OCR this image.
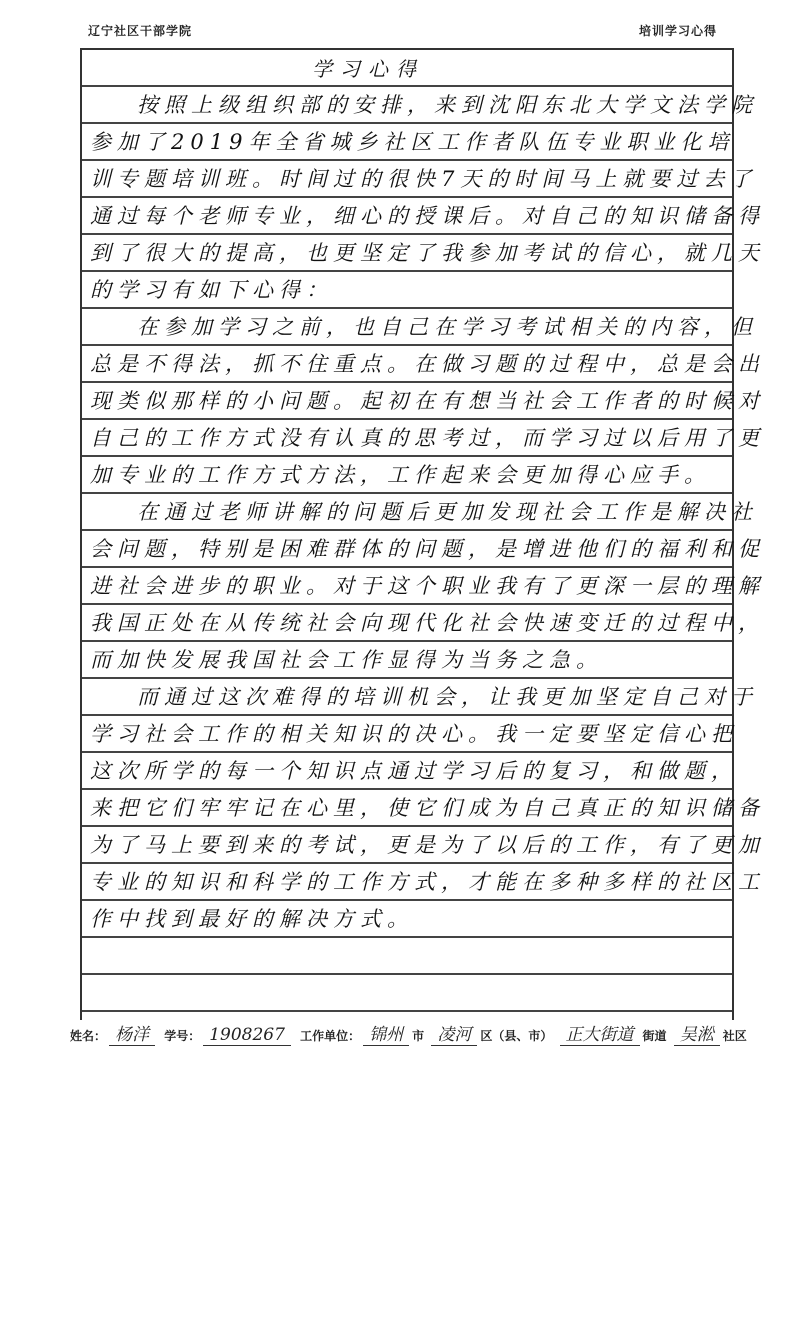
辽宁社区干部学院	培训学习心得
学习心得
按照上级组织部的安排，来到沈阳东北大学文法学院
参加了2019年全省城乡社区工作者队伍专业职业化培
训专题培训班。时间过的很快7天的时间马上就要过去了
通过每个老师专业，细心的授课后。对自己的知识储备得
到了很大的提高，也更坚定了我参加考试的信心，就几天
的学习有如下心得：
在参加学习之前，也自己在学习考试相关的内容，但
总是不得法，抓不住重点。在做习题的过程中，总是会出
现类似那样的小问题。起初在有想当社会工作者的时候对
自己的工作方式没有认真的思考过，而学习过以后用了更
加专业的工作方式方法，工作起来会更加得心应手。
在通过老师讲解的问题后更加发现社会工作是解决社
会问题，特别是困难群体的问题，是增进他们的福利和促
进社会进步的职业。对于这个职业我有了更深一层的理解
我国正处在从传统社会向现代化社会快速变迁的过程中，
而加快发展我国社会工作显得为当务之急。
而通过这次难得的培训机会，让我更加坚定自己对于
学习社会工作的相关知识的决心。我一定要坚定信心把
这次所学的每一个知识点通过学习后的复习，和做题，
来把它们牢牢记在心里，使它们成为自己真正的知识储备
为了马上要到来的考试，更是为了以后的工作，有了更加
专业的知识和科学的工作方式，才能在多种多样的社区工
作中找到最好的解决方式。
姓名： 杨洋 学号： 1908267 工作单位： 锦州 市 凌河 区（县、市） 正大街道 街道 吴淞 社区
